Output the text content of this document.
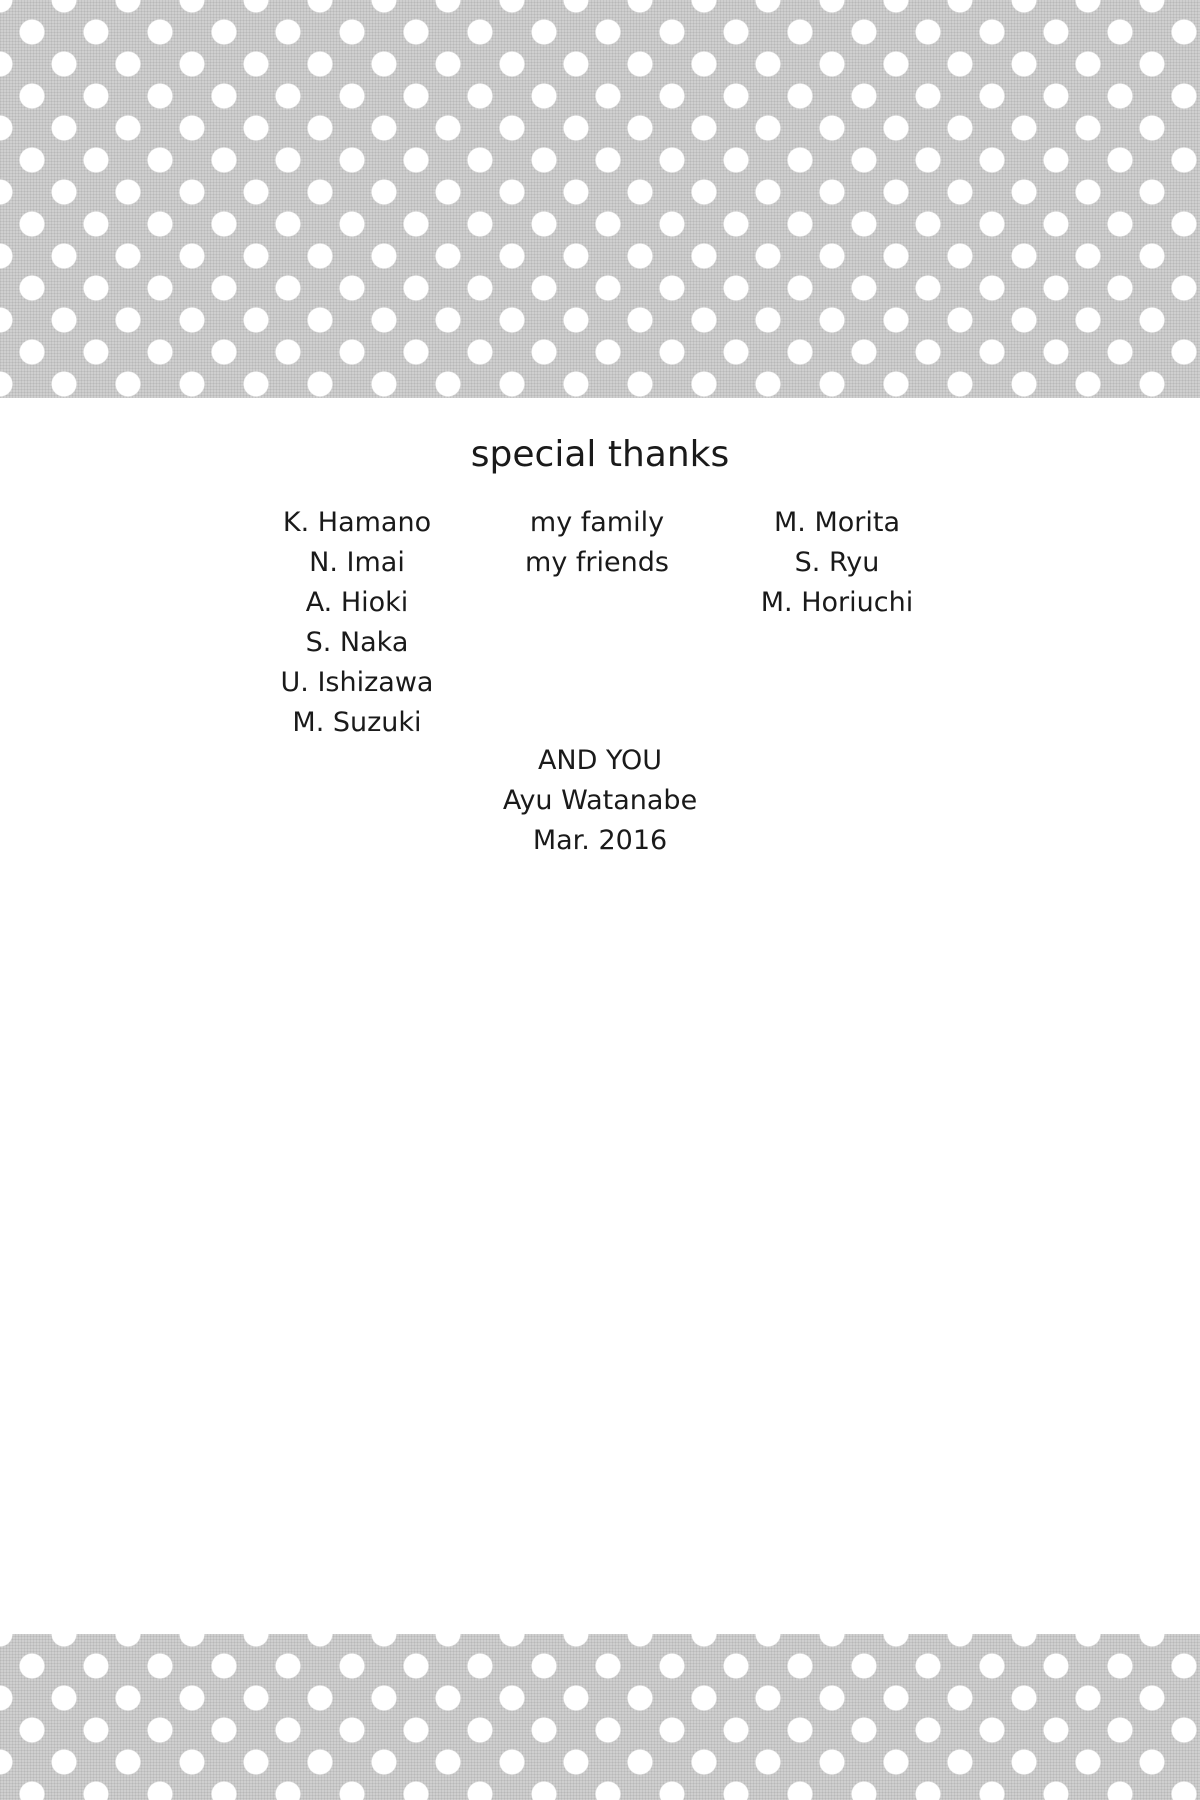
special thanks
K. Hamano
N. Imai
A. Hioki
S. Naka
U. Ishizawa
M. Suzuki
my family
my friends
M. Morita
S. Ryu
M. Horiuchi
AND YOU
Ayu Watanabe
Mar. 2016
